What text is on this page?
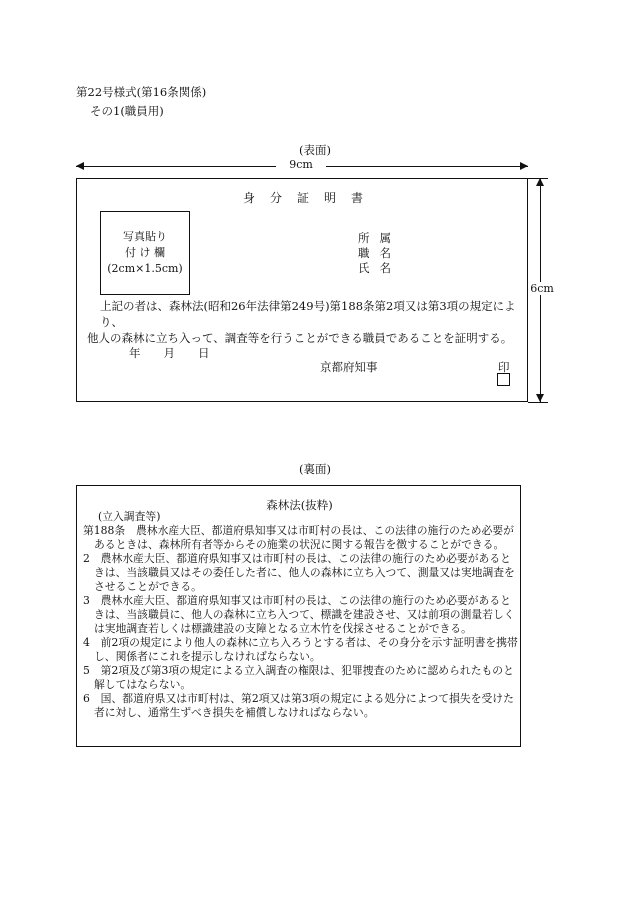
第22号様式(第16条関係)
その1(職員用)
(表面)
9cm
6cm
身分証明書
写真貼り
付 け 欄
(2cm×1.5cm)
所属
職名
氏名

上記の者は、森林法(昭和26年法律第249号)第188条第2項又は第3項の規定により、

他人の森林に立ち入って、調査等を行うことができる職員であることを証明する。

年　　月　　日
京都府知事	印
(裏面)
森林法(抜粋)
(立入調査等)
第188条　農林水産大臣、都道府県知事又は市町村の長は、この法律の施行のため必要があるときは、森林所有者等からその施業の状況に関する報告を徴することができる。
2　農林水産大臣、都道府県知事又は市町村の長は、この法律の施行のため必要があるときは、当該職員又はその委任した者に、他人の森林に立ち入つて、測量又は実地調査をさせることができる。
3　農林水産大臣、都道府県知事又は市町村の長は、この法律の施行のため必要があるときは、当該職員に、他人の森林に立ち入つて、標識を建設させ、又は前項の測量若しくは実地調査若しくは標識建設の支障となる立木竹を伐採させることができる。
4　前2項の規定により他人の森林に立ち入ろうとする者は、その身分を示す証明書を携帯し、関係者にこれを提示しなければならない。
5　第2項及び第3項の規定による立入調査の権限は、犯罪捜査のために認められたものと解してはならない。
6　国、都道府県又は市町村は、第2項又は第3項の規定による処分によつて損失を受けた者に対し、通常生ずべき損失を補償しなければならない。
